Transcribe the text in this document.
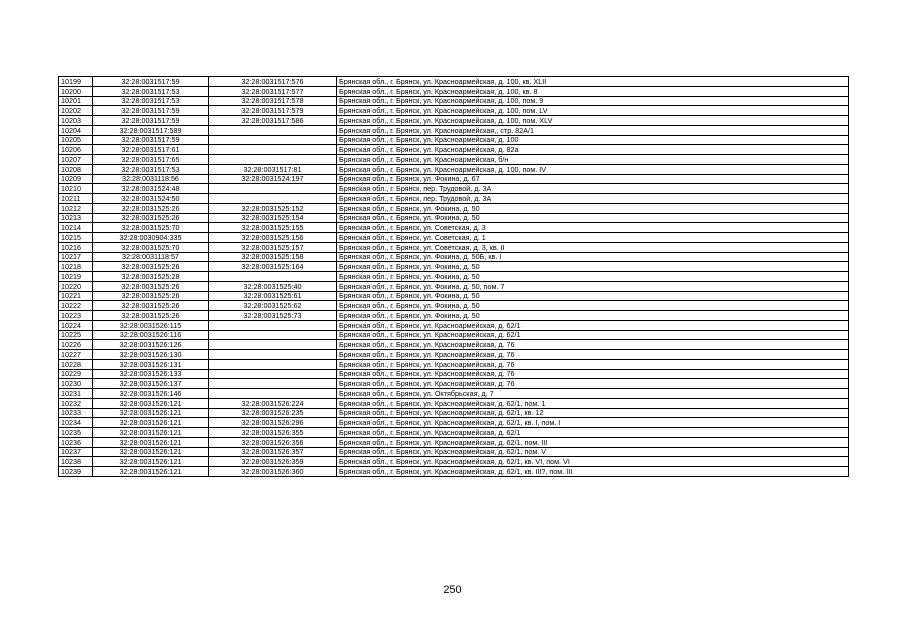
10199	32:28:0031517:59	32:28:0031517:576	Брянская обл., г. Брянск, ул. Красноармейская, д. 100, кв. XLII
10200	32:28:0031517:53	32:28:0031517:577	Брянская обл., г. Брянск, ул. Красноармейская, д. 100, кв. 8
10201	32:28:0031517:53	32:28:0031517:578	Брянская обл., г. Брянск, ул. Красноармейская, д. 100, пом. 9
10202	32:28:0031517:59	32:28:0031517:579	Брянская обл., г. Брянск, ул. Красноармейская, д. 100, пом. LV
10203	32:28:0031517:59	32:28:0031517:586	Брянская обл., г. Брянск, ул. Красноармейская, д. 100, пом. XLV
10204	32:28:0031517:589		Брянская обл., г. Брянск, ул. Красноармейская,, стр. 82А/1
10205	32:28:0031517:59		Брянская обл., г. Брянск, ул. Красноармейская, д. 100
10206	32:28:0031517:61		Брянская обл., г. Брянск, ул. Красноармейская, д. 82а
10207	32:28:0031517:65		Брянская обл., г. Брянск, ул. Красноармейская, б/н
10208	32:28:0031517:53	32:28:0031517:81	Брянская обл., г. Брянск, ул. Красноармейская, д. 100, пом. IV
10209	32:28:0031118:56	32:28:0031524:197	Брянская обл., г. Брянск, ул. Фокина, д. 67
10210	32:28:0031524:48		Брянская обл., г. Брянск, пер. Трудовой, д. 3А
10211	32:28:0031524:50		Брянская обл., г. Брянск, пер. Трудовой, д. 3А
10212	32:28:0031525:26	32:28:0031525:152	Брянская обл., г. Брянск, ул. Фокина, д. 50
10213	32:28:0031525:26	32:28:0031525:154	Брянская обл., г. Брянск, ул. Фокина, д. 50
10214	32:28:0031525:70	32:28:0031525:155	Брянская обл., г. Брянск, ул. Советская, д. 3
10215	32:28:0030904:335	32:28:0031525:156	Брянская обл., г. Брянск, ул. Советская, д. 1
10216	32:28:0031525:70	32:28:0031525:157	Брянская обл., г. Брянск, ул. Советская, д. 3, кв. II
10217	32:28:0031118:57	32:28:0031525:158	Брянская обл., г. Брянск, ул. Фокина, д. 50Б, кв. I
10218	32:28:0031525:26	32:28:0031525:164	Брянская обл., г. Брянск, ул. Фокина, д. 50
10219	32:28:0031525:28		Брянская обл., г. Брянск, ул. Фокина, д. 50
10220	32:28:0031525:26	32:28:0031525:40	Брянская обл., г. Брянск, ул. Фокина, д. 50, пом. 7
10221	32:28:0031525:26	32:28:0031525:61	Брянская обл., г. Брянск, ул. Фокина, д. 50
10222	32:28:0031525:26	32:28:0031525:62	Брянская обл., г. Брянск, ул. Фокина, д. 50
10223	32:28:0031525:26	32:28:0031525:73	Брянская обл., г. Брянск, ул. Фокина, д. 50
10224	32:28:0031526:115		Брянская обл., г. Брянск, ул. Красноармейская, д. 62/1
10225	32:28:0031526:116		Брянская обл., г. Брянск, ул. Красноармейская, д. 62/1
10226	32:28:0031526:126		Брянская обл., г. Брянск, ул. Красноармейская, д. 76
10227	32:28:0031526:130		Брянская обл., г. Брянск, ул. Красноармейская, д. 76
10228	32:28:0031526:131		Брянская обл., г. Брянск, ул. Красноармейская, д. 76
10229	32:28:0031526:133		Брянская обл., г. Брянск, ул. Красноармейская, д. 76
10230	32:28:0031526:137		Брянская обл., г. Брянск, ул. Красноармейская, д. 76
10231	32:28:0031526:146		Брянская обл., г. Брянск, ул. Октябрьская, д. 7
10232	32:28:0031526:121	32:28:0031526:224	Брянская обл., г. Брянск, ул. Красноармейская, д. 62/1, пом. 1
10233	32:28:0031526:121	32:28:0031526:235	Брянская обл., г. Брянск, ул. Красноармейская, д. 62/1, кв. 12
10234	32:28:0031526:121	32:28:0031526:296	Брянская обл., г. Брянск, ул. Красноармейская, д. 62/1, кв. I, пом. I
10235	32:28:0031526:121	32:28:0031526:355	Брянская обл., г. Брянск, ул. Красноармейская, д. 62/1
10236	32:28:0031526:121	32:28:0031526:356	Брянская обл., г. Брянск, ул. Красноармейская, д. 62/1, пом. III
10237	32:28:0031526:121	32:28:0031526:357	Брянская обл., г. Брянск, ул. Красноармейская, д. 62/1, пом. V
10238	32:28:0031526:121	32:28:0031526:359	Брянская обл., г. Брянск, ул. Красноармейская, д. 62/1, кв. VI, пом. VI
10239	32:28:0031526:121	32:28:0031526:360	Брянская обл., г. Брянск, ул. Красноармейская, д. 62/1, кв. III?, пом. III
250
